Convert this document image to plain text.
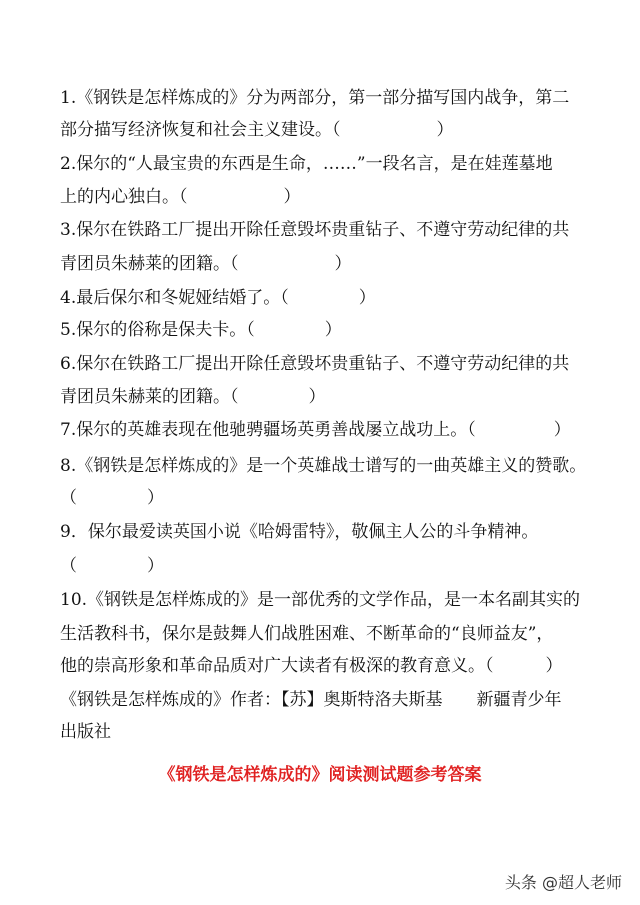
1.《钢铁是怎样炼成的》分为两部分，第一部分描写国内战争，第二
部分描写经济恢复和社会主义建设。（	）
2.保尔的“人最宝贵的东西是生命，……”一段名言，是在娃莲墓地
上的内心独白。（	）
3.保尔在铁路工厂提出开除任意毁坏贵重钻子、不遵守劳动纪律的共
青团员朱赫莱的团籍。（	）
4.最后保尔和冬妮娅结婚了。（	）
5.保尔的俗称是保夫卡。（	）
6.保尔在铁路工厂提出开除任意毁坏贵重钻子、不遵守劳动纪律的共
青团员朱赫莱的团籍。（	）
7.保尔的英雄表现在他驰骋疆场英勇善战屡立战功上。（	）
8.《钢铁是怎样炼成的》是一个英雄战士谱写的一曲英雄主义的赞歌。
（	）
9．保尔最爱读英国小说《哈姆雷特》，敬佩主人公的斗争精神。
（	）
10.《钢铁是怎样炼成的》是一部优秀的文学作品，是一本名副其实的
生活教科书，保尔是鼓舞人们战胜困难、不断革命的“良师益友”，
他的崇高形象和革命品质对广大读者有极深的教育意义。（	）
《钢铁是怎样炼成的》作者：【苏】奥斯特洛夫斯基　　新疆青少年
出版社
《钢铁是怎样炼成的》阅读测试题参考答案
头条 @超人老师
